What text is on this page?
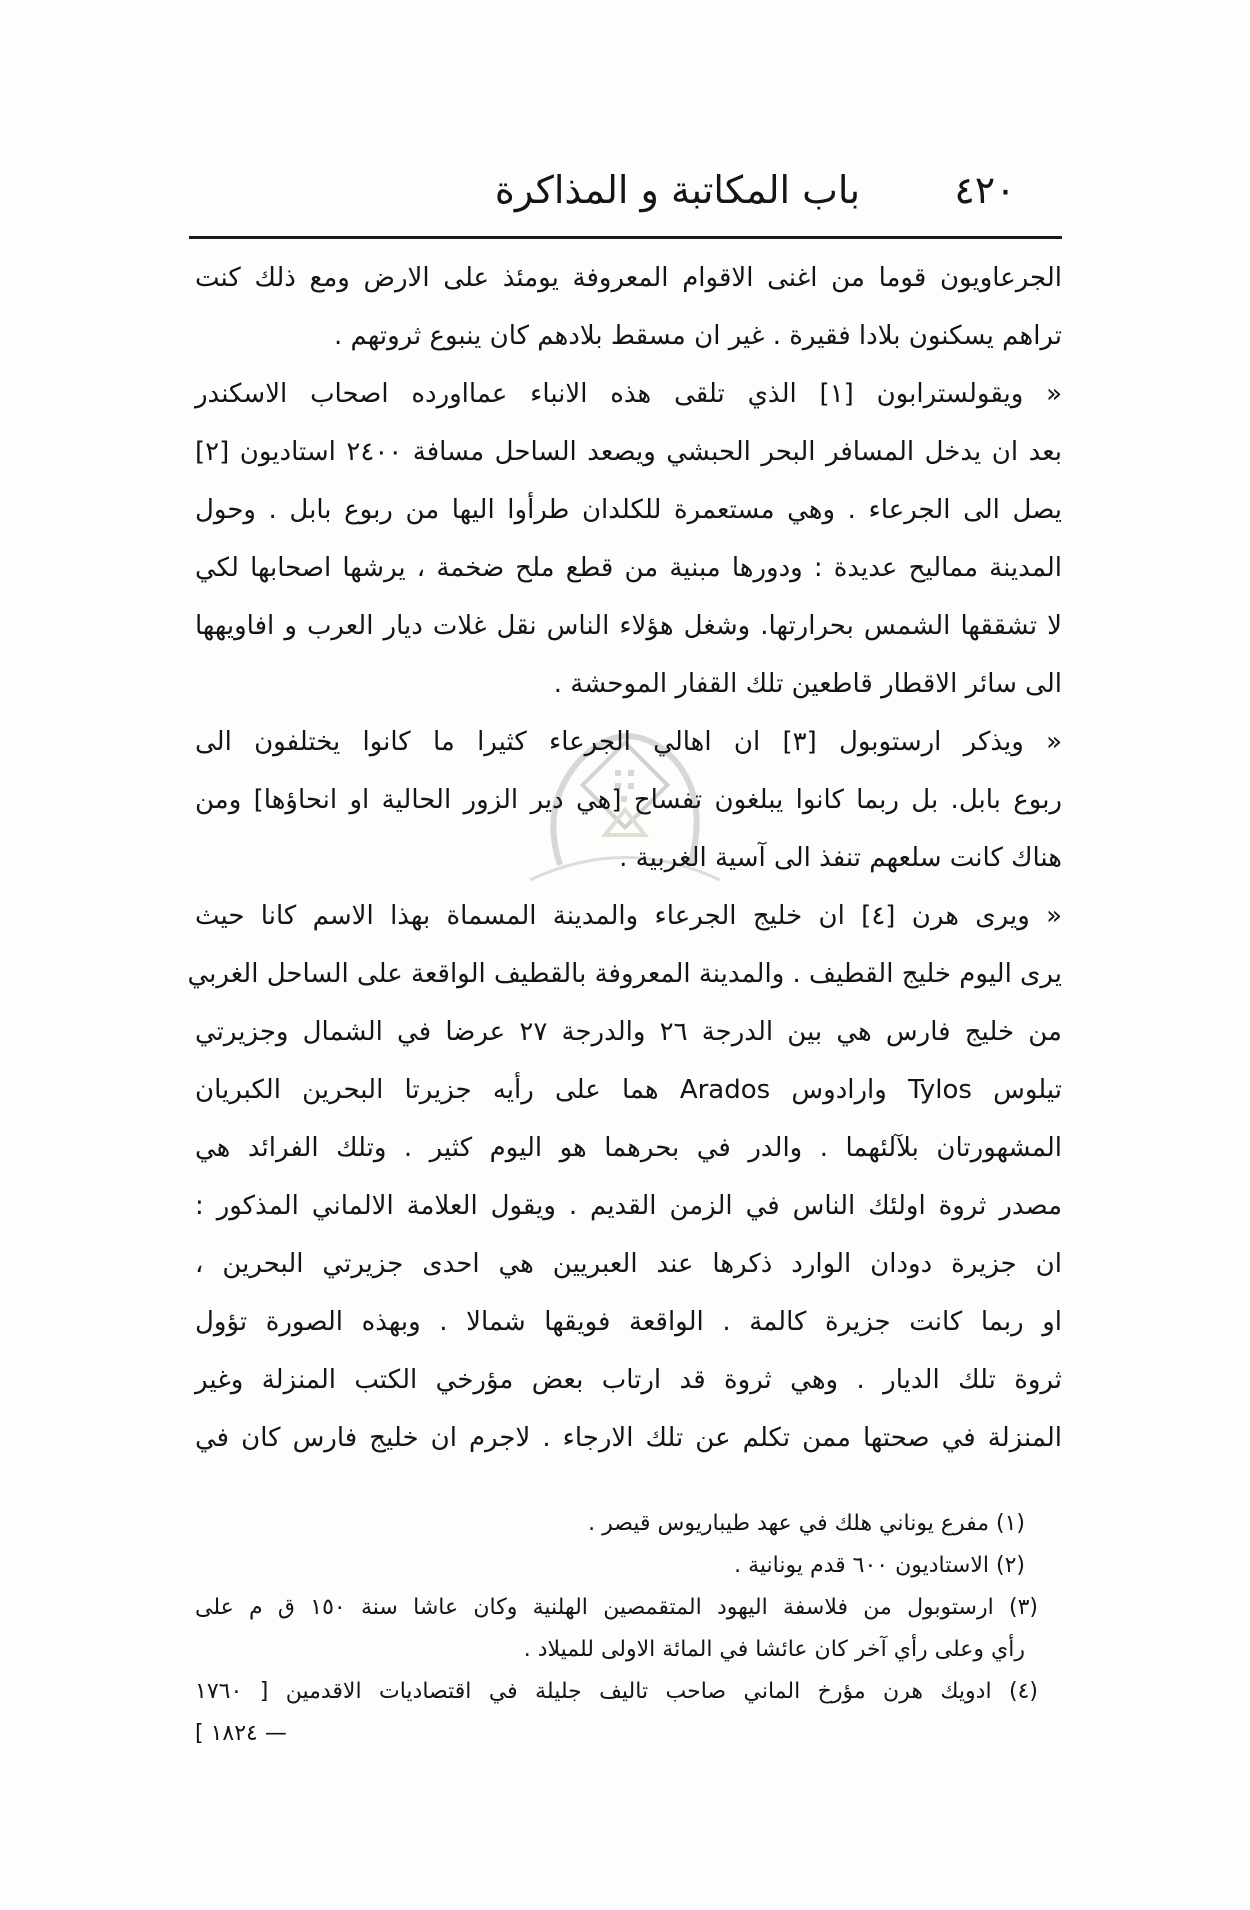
٤٢٠
باب المكاتبة و المذاكرة
الجرعاويون قوما من اغنى الاقوام المعروفة يومئذ على الارض ومع ذلك كنت
تراهم يسكنون بلادا فقيرة . غير ان مسقط بلادهم كان ينبوع ثروتهم .
« ويقولسترابون [١] الذي تلقى هذه الانباء عمااورده اصحاب الاسكندر
بعد ان يدخل المسافر البحر الحبشي ويصعد الساحل مسافة ٢٤٠٠ استاديون [٢]
يصل الى الجرعاء . وهي مستعمرة للكلدان طرأوا اليها من ربوع بابل . وحول
المدينة مماليح عديدة : ودورها مبنية من قطع ملح ضخمة ، يرشها اصحابها لكي
لا تشققها الشمس بحرارتها. وشغل هؤلاء الناس نقل غلات ديار العرب و افاويهها
الى سائر الاقطار قاطعين تلك القفار الموحشة .
« ويذكر ارستوبول [٣] ان اهالي الجرعاء كثيرا ما كانوا يختلفون الى
ربوع بابل. بل ربما كانوا يبلغون تفساح [هي دير الزور الحالية او انحاؤها] ومن
هناك كانت سلعهم تنفذ الى آسية الغربية .
« ويرى هرن [٤] ان خليج الجرعاء والمدينة المسماة بهذا الاسم كانا حيث
يرى اليوم خليج القطيف . والمدينة المعروفة بالقطيف الواقعة على الساحل الغربي
من خليج فارس هي بين الدرجة ٢٦ والدرجة ٢٧ عرضا في الشمال وجزيرتي
تيلوس Tylos وارادوس Arados هما على رأيه جزيرتا البحرين الكبريان
المشهورتان بلآلئهما . والدر في بحرهما هو اليوم كثير . وتلك الفرائد هي
مصدر ثروة اولئك الناس في الزمن القديم . ويقول العلامة الالماني المذكور :
ان جزيرة دودان الوارد ذكرها عند العبريين هي احدى جزيرتي البحرين ،
او ربما كانت جزيرة كالمة . الواقعة فويقها شمالا . وبهذه الصورة تؤول
ثروة تلك الديار . وهي ثروة قد ارتاب بعض مؤرخي الكتب المنزلة وغير
المنزلة في صحتها ممن تكلم عن تلك الارجاء . لاجرم ان خليج فارس كان في
(١) مفرع يوناني هلك في عهد طيباريوس قيصر .
(٢) الاستاديون ٦٠٠ قدم يونانية .
(٣) ارستوبول من فلاسفة اليهود المتقمصين الهلنية وكان عاشا سنة ١٥٠ ق م على
رأي وعلى رأي آخر كان عائشا في المائة الاولى للميلاد .
(٤) ادويك هرن مؤرخ الماني صاحب تاليف جليلة في اقتصاديات الاقدمين [ ١٧٦٠
— ١٨٢٤ ]
